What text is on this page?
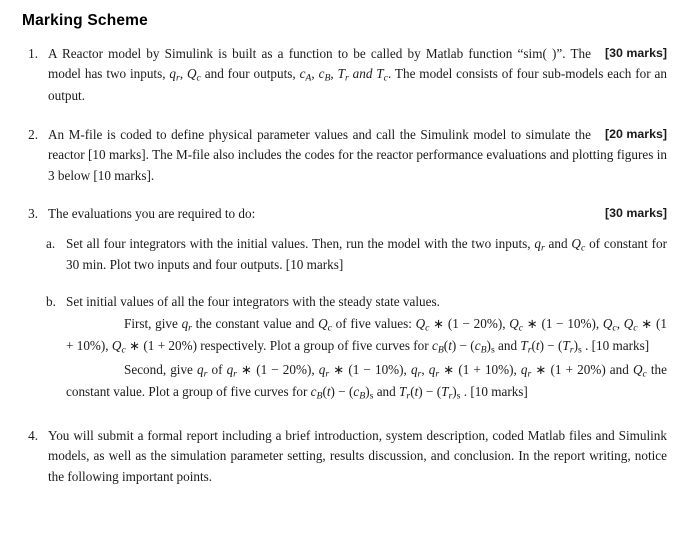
Marking Scheme
1.	[30 marks]
A Reactor model by Simulink is built as a function to be called by Matlab function “sim( )”. The model has two inputs, $q_r$, $Q_c$ and four outputs, $c_A$, $c_B$, $T_r$ and $T_c$. The model consists of four sub-models each for an output.
2.	[20 marks]
An M-file is coded to define physical parameter values and call the Simulink model to simulate the reactor [10 marks]. The M-file also includes the codes for the reactor performance evaluations and plotting figures in 3 below [10 marks].
3.	[30 marks]
The evaluations you are required to do:
a. Set all four integrators with the initial values. Then, run the model with the two inputs, $q_r$ and $Q_c$ of constant for 30 min. Plot two inputs and four outputs. [10 marks]
b. Set initial values of all the four integrators with the steady state values.
First, give $q_r$ the constant value and $Q_c$ of five values: $Q_c$ ∗ (1 − 20%), $Q_c$ ∗ (1 − 10%), $Q_c$, $Q_c$ ∗ (1 + 10%), $Q_c$ ∗ (1 + 20%) respectively. Plot a group of five curves for $c_B(t) - (c_B)_s$ and $T_r(t) - (T_r)_s$ . [10 marks]
Second, give $q_r$ of $q_r$ ∗ (1 − 20%), $q_r$ ∗ (1 − 10%), $q_r$, $q_r$ ∗ (1 + 10%), $q_r$ ∗ (1 + 20%) and $Q_c$ the constant value. Plot a group of five curves for $c_B(t) - (c_B)_s$ and $T_r(t) - (T_r)_s$ . [10 marks]
4. You will submit a formal report including a brief introduction, system description, coded Matlab files and Simulink models, as well as the simulation parameter setting, results discussion, and conclusion. In the report writing, notice the following important points.
